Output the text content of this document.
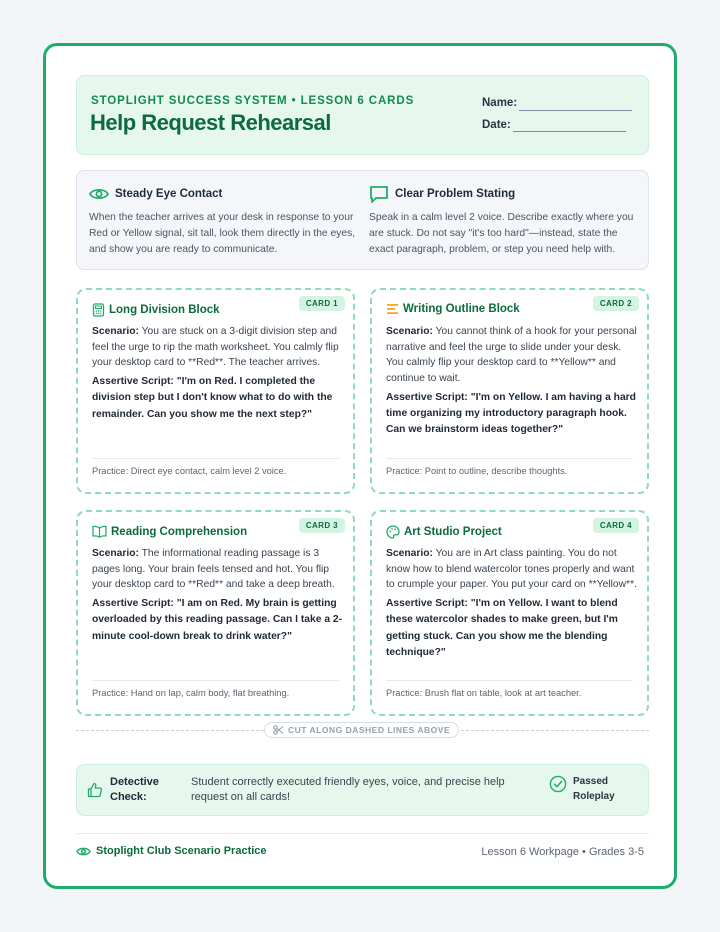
STOPLIGHT SUCCESS SYSTEM • LESSON 6 CARDS
Help Request Rehearsal
Name:
Date:
Steady Eye Contact
When the teacher arrives at your desk in response to your Red or Yellow signal, sit tall, look them directly in the eyes, and show you are ready to communicate.
Clear Problem Stating
Speak in a calm level 2 voice. Describe exactly where you are stuck. Do not say "it's too hard"—instead, state the exact paragraph, problem, or step you need help with.
CARD 1
Long Division Block
Scenario: You are stuck on a 3-digit division step and feel the urge to rip the math worksheet. You calmly flip your desktop card to **Red**. The teacher arrives.
Assertive Script: "I'm on Red. I completed the division step but I don't know what to do with the remainder. Can you show me the next step?"
Practice: Direct eye contact, calm level 2 voice.
CARD 2
Writing Outline Block
Scenario: You cannot think of a hook for your personal narrative and feel the urge to slide under your desk. You calmly flip your desktop card to **Yellow** and continue to wait.
Assertive Script: "I'm on Yellow. I am having a hard time organizing my introductory paragraph hook. Can we brainstorm ideas together?"
Practice: Point to outline, describe thoughts.
CARD 3
Reading Comprehension
Scenario: The informational reading passage is 3 pages long. Your brain feels tensed and hot. You flip your desktop card to **Red** and take a deep breath.
Assertive Script: "I am on Red. My brain is getting overloaded by this reading passage. Can I take a 2-minute cool-down break to drink water?"
Practice: Hand on lap, calm body, flat breathing.
CARD 4
Art Studio Project
Scenario: You are in Art class painting. You do not know how to blend watercolor tones properly and want to crumple your paper. You put your card on **Yellow**.
Assertive Script: "I'm on Yellow. I want to blend these watercolor shades to make green, but I'm getting stuck. Can you show me the blending technique?"
Practice: Brush flat on table, look at art teacher.
CUT ALONG DASHED LINES ABOVE
Detective Check:
Student correctly executed friendly eyes, voice, and precise help request on all cards!
Passed Roleplay
Stoplight Club Scenario Practice	Lesson 6 Workpage • Grades 3-5
